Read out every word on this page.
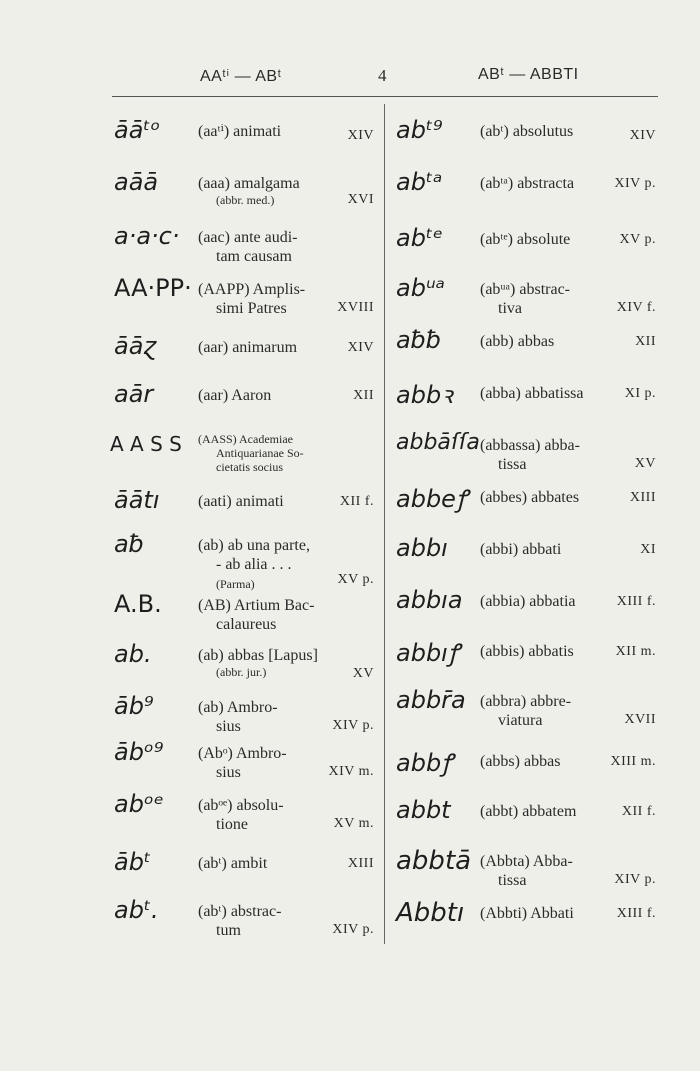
AAᵗⁱ — ABᵗ	4	ABᵗ — ABBTI
āāᵗᵒ (aaᵗⁱ) animati	XIV
aāā (aaa) amalgama
(abbr. med.)	XVI
a·a·c· (aac) ante audi-
tam causam
AA·PP· (AAPP) Amplis-
simi Patres	XVIII
āāɀ	(aar) animarum	XIV
aār	(aar) Aaron	XII
A A S S (AASS) Academiae
Antiquarianae So-
cietatis socius
āātı (aati) animati	XII f.
aƀ	(ab) ab una parte,
- ab alia . . .
(Parma)	XV p.
A.B. (AB) Artium Bac-
calaureus
ab.	(ab) abbas [Lapus]
(abbr. jur.)	XV
āb⁹	(ab) Ambro-
sius	XIV p.
ābᵒ⁹ (Abᵒ) Ambro-
sius	XIV m.
abᵒᵉ (abᵒᵉ) absolu-
tione	XV m.
ābᵗ	(abᵗ) ambit	XIII
abᵗ. (abᵗ) abstrac-
tum	XIV p.
abᵗ⁹ (abᵗ) absolutus	XIV
abᵗᵃ (abᵗᵃ) abstracta	XIV p.
abᵗᵉ (abᵗᵉ) absolute	XV p.
abᵘᵃ (abᵘᵃ) abstrac-
tiva	XIV f.
aƀƀ (abb) abbas	XII
abbꝛ (abba) abbatissa	XI p.
abbāſſa (abbassa) abba-
tissa	XV
abbeꝭ (abbes) abbates	XIII
abbı (abbi) abbati	XI
abbıa (abbia) abbatia	XIII f.
abbıꝭ (abbis) abbatis	XII m.
abbr̄a (abbra) abbre-
viatura	XVII
abbꝭ (abbs) abbas	XIII m.
abbt (abbt) abbatem	XII f.
abbtā (Abbta) Abba-
tissa	XIV p.
Abbtı (Abbti) Abbati	XIII f.
